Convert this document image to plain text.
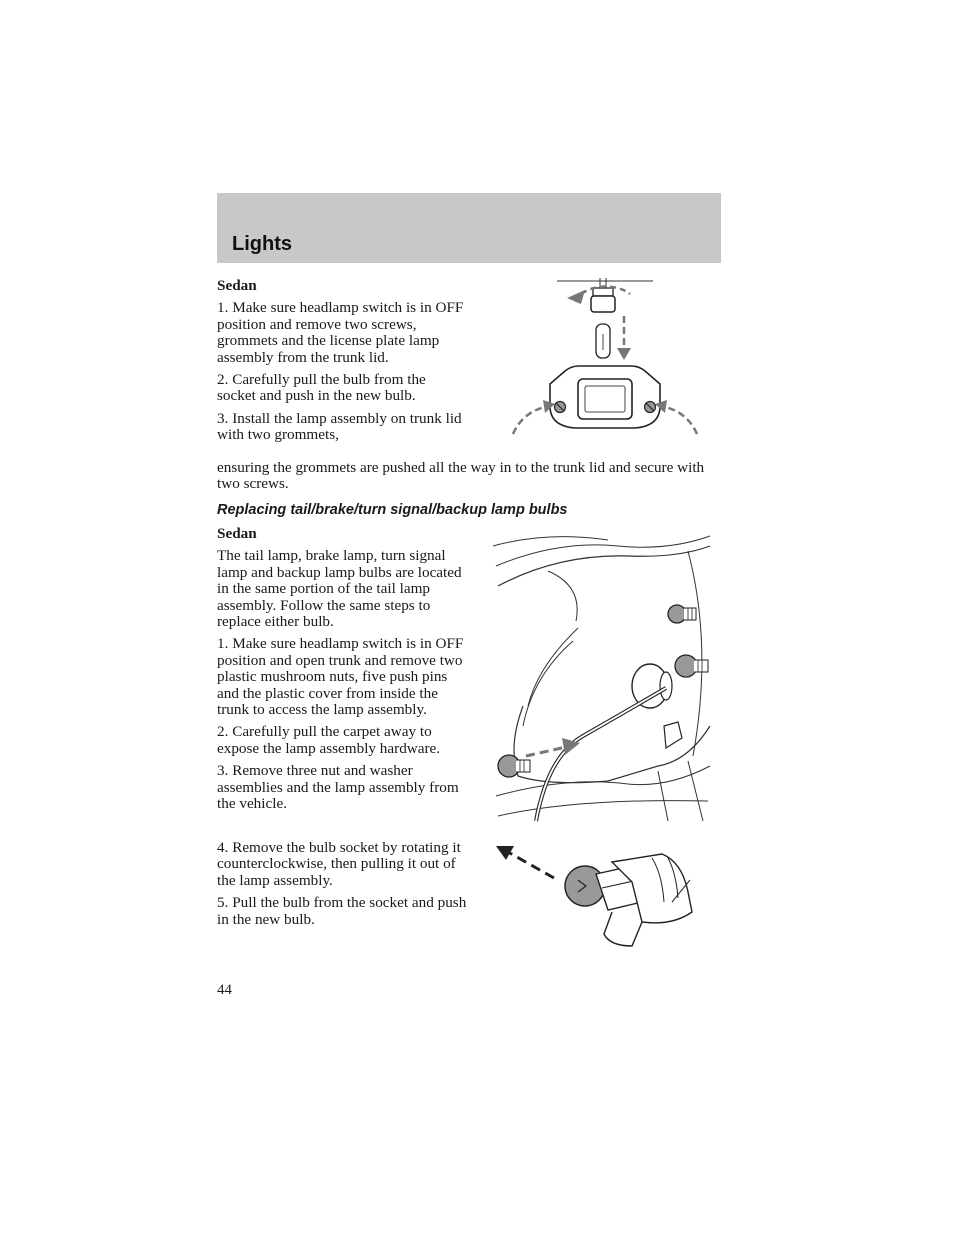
Lights

Sedan

1. Make sure headlamp switch is in OFF position and remove two screws, grommets and the license plate lamp assembly from the trunk lid.

2. Carefully pull the bulb from the socket and push in the new bulb.

3. Install the lamp assembly on trunk lid with two grommets,

ensuring the grommets are pushed all the way in to the trunk lid and secure with two screws.
Replacing tail/brake/turn signal/backup lamp bulbs

Sedan

The tail lamp, brake lamp, turn signal lamp and backup lamp bulbs are located in the same portion of the tail lamp assembly. Follow the same steps to replace either bulb.

1. Make sure headlamp switch is in OFF position and open trunk and remove two plastic mushroom nuts, five push pins and the plastic cover from inside the trunk to access the lamp assembly.

2. Carefully pull the carpet away to expose the lamp assembly hardware.

3. Remove three nut and washer assemblies and the lamp assembly from the vehicle.

4. Remove the bulb socket by rotating it counterclockwise, then pulling it out of the lamp assembly.

5. Pull the bulb from the socket and push in the new bulb.

44
